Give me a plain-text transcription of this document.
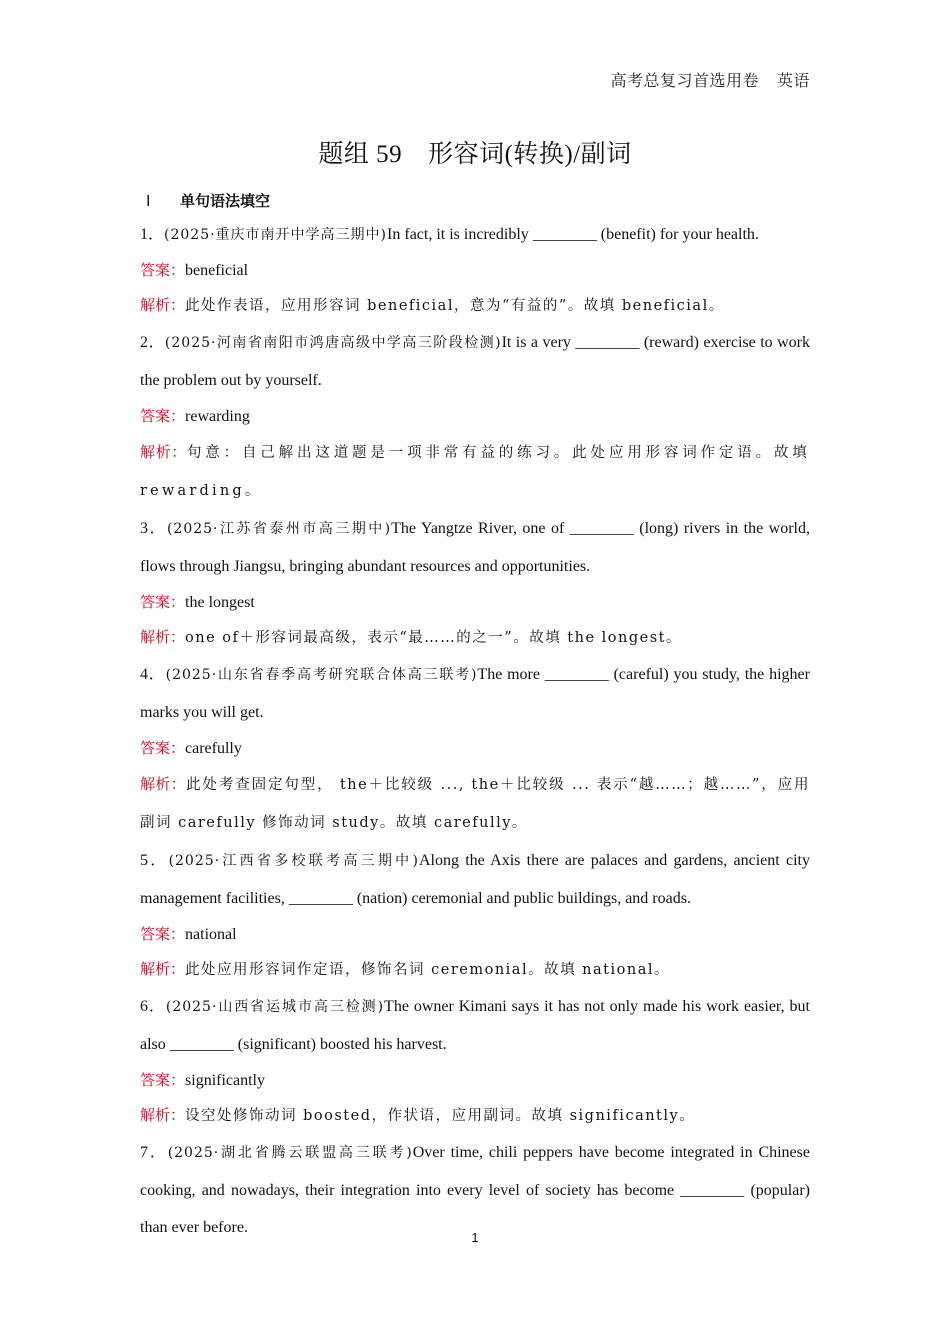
高考总复习首选用卷 英语
题组 59 形容词(转换)/副词
Ⅰ 单句语法填空
1．(2025·重庆市南开中学高三期中)In fact, it is incredibly ________ (benefit) for your health.
答案：beneficial
解析：此处作表语，应用形容词 beneficial，意为“有益的”。故填 beneficial。
2．(2025·河南省南阳市鸿唐高级中学高三阶段检测)It is a very ________ (reward) exercise to work the problem out by yourself.
答案：rewarding
解析：句意：自己解出这道题是一项非常有益的练习。此处应用形容词作定语。故填 rewarding。
3．(2025·江苏省泰州市高三期中)The Yangtze River, one of ________ (long) rivers in the world, flows through Jiangsu, bringing abundant resources and opportunities.
答案：the longest
解析：one of＋形容词最高级，表示“最……的之一”。故填 the longest。
4．(2025·山东省春季高考研究联合体高三联考)The more ________ (careful) you study, the higher marks you will get.
答案：carefully
解析：此处考查固定句型， the＋比较级 ..., the＋比较级 ... 表示“越……；越……”，应用副词 carefully 修饰动词 study。故填 carefully。
5．(2025·江西省多校联考高三期中)Along the Axis there are palaces and gardens, ancient city management facilities, ________ (nation) ceremonial and public buildings, and roads.
答案：national
解析：此处应用形容词作定语，修饰名词 ceremonial。故填 national。
6．(2025·山西省运城市高三检测)The owner Kimani says it has not only made his work easier, but also ________ (significant) boosted his harvest.
答案：significantly
解析：设空处修饰动词 boosted，作状语，应用副词。故填 significantly。
7．(2025·湖北省腾云联盟高三联考)Over time, chili peppers have become integrated in Chinese cooking, and nowadays, their integration into every level of society has become ________ (popular) than ever before.
1
